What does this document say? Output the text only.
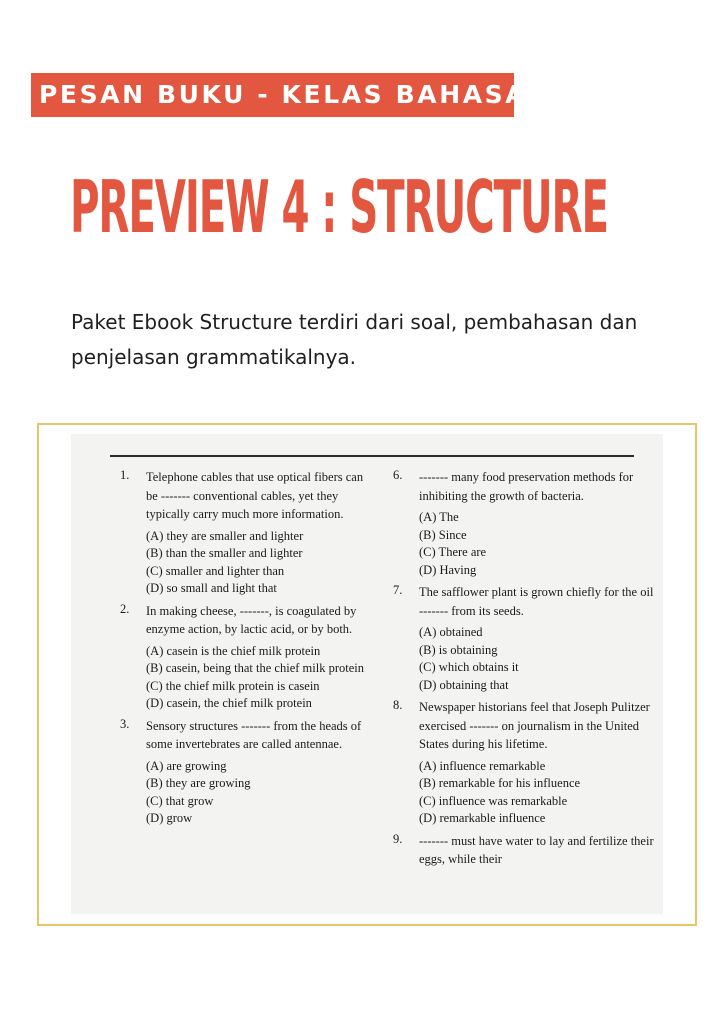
PESAN BUKU - KELAS BAHASA
PREVIEW 4 : STRUCTURE
Paket Ebook Structure terdiri dari soal, pembahasan dan penjelasan grammatikalnya.
1. Telephone cables that use optical fibers can be ------- conventional cables, yet they typically carry much more information.
(A) they are smaller and lighter
(B) than the smaller and lighter
(C) smaller and lighter than
(D) so small and light that
2. In making cheese, -------, is coagulated by enzyme action, by lactic acid, or by both.
(A) casein is the chief milk protein
(B) casein, being that the chief milk protein
(C) the chief milk protein is casein
(D) casein, the chief milk protein
3. Sensory structures ------- from the heads of some invertebrates are called antennae.
(A) are growing
(B) they are growing
(C) that grow
(D) grow
6. ------- many food preservation methods for inhibiting the growth of bacteria.
(A) The
(B) Since
(C) There are
(D) Having
7. The safflower plant is grown chiefly for the oil ------- from its seeds.
(A) obtained
(B) is obtaining
(C) which obtains it
(D) obtaining that
8. Newspaper historians feel that Joseph Pulitzer exercised ------- on journalism in the United States during his lifetime.
(A) influence remarkable
(B) remarkable for his influence
(C) influence was remarkable
(D) remarkable influence
9. ------- must have water to lay and fertilize their eggs, while their
